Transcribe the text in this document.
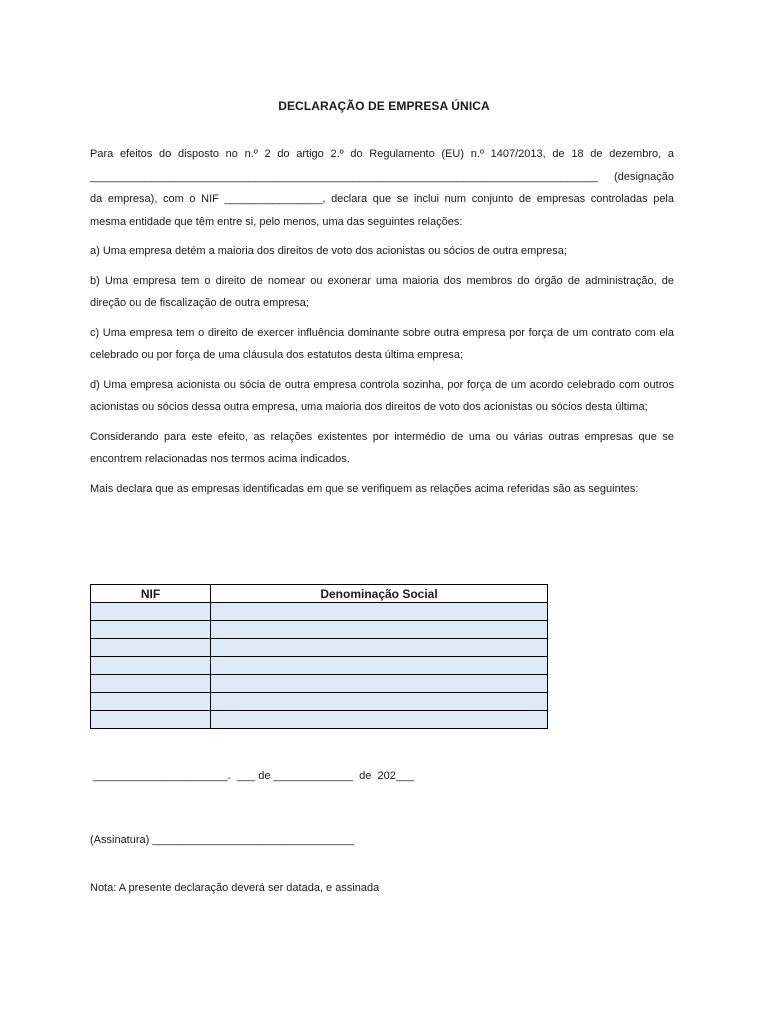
DECLARAÇÃO DE EMPRESA ÚNICA

Para efeitos do disposto no n.º 2 do artigo 2.º do Regulamento (EU) n.º 1407/2013, de 18 de dezembro, a ___________________________________________________________________________________ (designação da empresa), com o NIF ________________, declara que se inclui num conjunto de empresas controladas pela mesma entidade que têm entre si, pelo menos, uma das seguintes relações:

a) Uma empresa detém a maioria dos direitos de voto dos acionistas ou sócios de outra empresa;

b) Uma empresa tem o direito de nomear ou exonerar uma maioria dos membros do órgão de administração, de direção ou de fiscalização de outra empresa;

c) Uma empresa tem o direito de exercer influência dominante sobre outra empresa por força de um contrato com ela celebrado ou por força de uma cláusula dos estatutos desta última empresa;

d) Uma empresa acionista ou sócia de outra empresa controla sozinha, por força de um acordo celebrado com outros acionistas ou sócios dessa outra empresa, uma maioria dos direitos de voto dos acionistas ou sócios desta última;

Considerando para este efeito, as relações existentes por intermédio de uma ou várias outras empresas que se encontrem relacionadas nos termos acima indicados.

Mais declara que as empresas identificadas em que se verifiquem as relações acima referidas são as seguintes:

NIF	Denominação Social

______________________.  ___ de _____________  de  202___
(Assinatura) _________________________________
Nota: A presente declaração deverá ser datada, e assinada
